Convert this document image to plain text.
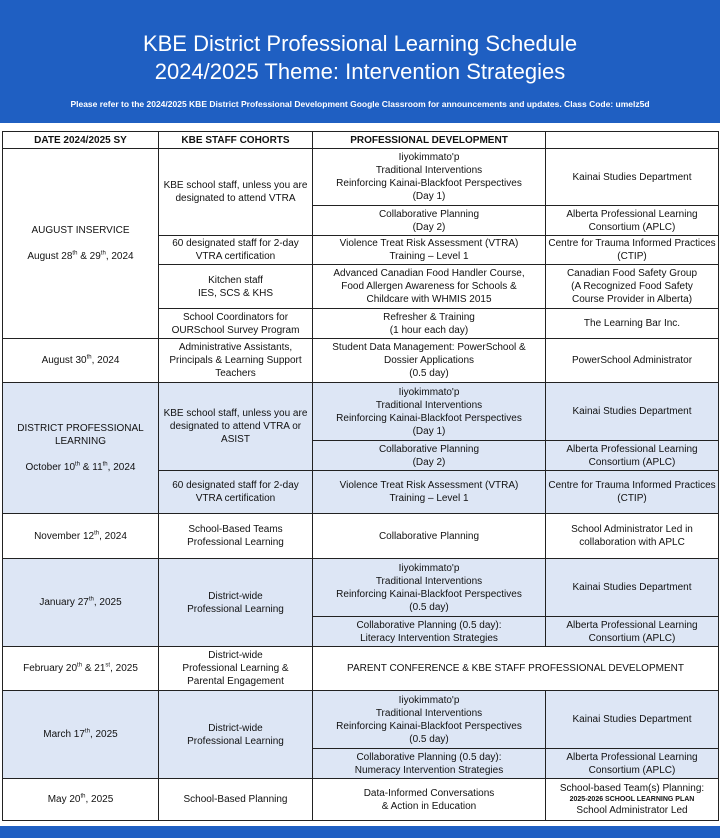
KBE District Professional Learning Schedule
2024/2025 Theme: Intervention Strategies
Please refer to the 2024/2025 KBE District Professional Development Google Classroom for announcements and updates. Class Code: umelz5d
DATE 2024/2025 SY	KBE STAFF COHORTS	PROFESSIONAL DEVELOPMENT	

AUGUST INSERVICE

August 28th & 29th, 2024	KBE school staff, unless you are designated to attend VTRA	Iiyokimmato'p
Traditional Interventions
Reinforcing Kainai-Blackfoot Perspectives
(Day 1)	Kainai Studies Department

		Collaborative Planning
(Day 2)	Alberta Professional Learning Consortium (APLC)
	60 designated staff for 2-day VTRA certification	Violence Treat Risk Assessment (VTRA)
Training – Level 1	Centre for Trauma Informed Practices (CTIP)

	Kitchen staff
IES, SCS & KHS	Advanced Canadian Food Handler Course,
Food Allergen Awareness for Schools &
Childcare with WHMIS 2015	Canadian Food Safety Group
(A Recognized Food Safety
Course Provider in Alberta)

	School Coordinators for
OURSchool Survey Program	Refresher & Training
(1 hour each day)	The Learning Bar Inc.
August 30th, 2024	Administrative Assistants, Principals & Learning Support Teachers	Student Data Management: PowerSchool &
Dossier Applications
(0.5 day)	PowerSchool Administrator

DISTRICT PROFESSIONAL
LEARNING

October 10th & 11th, 2024	KBE school staff, unless you are designated to attend VTRA or ASIST	Iiyokimmato'p
Traditional Interventions
Reinforcing Kainai-Blackfoot Perspectives
(Day 1)	Kainai Studies Department

		Collaborative Planning
(Day 2)	Alberta Professional Learning Consortium (APLC)
	60 designated staff for 2-day VTRA certification	Violence Treat Risk Assessment (VTRA)
Training – Level 1	Centre for Trauma Informed Practices (CTIP)
November 12th, 2024	School-Based Teams
Professional Learning	Collaborative Planning	School Administrator Led in collaboration with APLC
January 27th, 2025	District-wide
Professional Learning	Iiyokimmato'p
Traditional Interventions
Reinforcing Kainai-Blackfoot Perspectives
(0.5 day)	Kainai Studies Department

		Collaborative Planning (0.5 day):
Literacy Intervention Strategies	Alberta Professional Learning Consortium (APLC)
February 20th & 21st, 2025	District-wide
Professional Learning &
Parental Engagement	PARENT CONFERENCE & KBE STAFF PROFESSIONAL DEVELOPMENT	
March 17th, 2025	District-wide
Professional Learning	Iiyokimmato'p
Traditional Interventions
Reinforcing Kainai-Blackfoot Perspectives
(0.5 day)	Kainai Studies Department

		Collaborative Planning (0.5 day):
Numeracy Intervention Strategies	Alberta Professional Learning Consortium (APLC)
May 20th, 2025	School-Based Planning	Data-Informed Conversations
& Action in Education	School-based Team(s) Planning:
2025-2026 SCHOOL LEARNING PLAN
School Administrator Led
